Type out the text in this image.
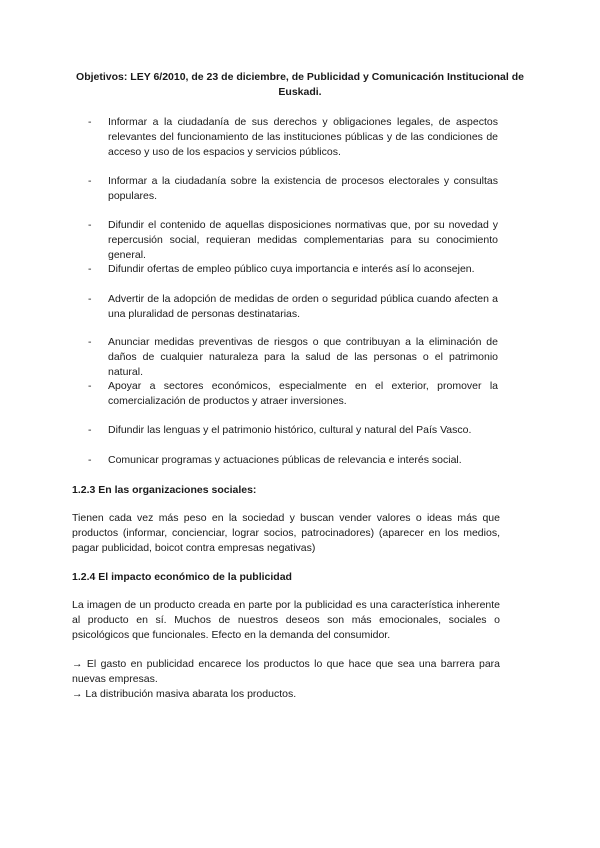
Objetivos: LEY 6/2010, de 23 de diciembre, de Publicidad y Comunicación Institucional de Euskadi.
- Informar a la ciudadanía de sus derechos y obligaciones legales, de aspectos relevantes del funcionamiento de las instituciones públicas y de las condiciones de acceso y uso de los espacios y servicios públicos.
- Informar a la ciudadanía sobre la existencia de procesos electorales y consultas populares.
- Difundir el contenido de aquellas disposiciones normativas que, por su novedad y repercusión social, requieran medidas complementarias para su conocimiento general.
- Difundir ofertas de empleo público cuya importancia e interés así lo aconsejen.
- Advertir de la adopción de medidas de orden o seguridad pública cuando afecten a una pluralidad de personas destinatarias.
- Anunciar medidas preventivas de riesgos o que contribuyan a la eliminación de daños de cualquier naturaleza para la salud de las personas o el patrimonio natural.
- Apoyar a sectores económicos, especialmente en el exterior, promover la comercialización de productos y atraer inversiones.
- Difundir las lenguas y el patrimonio histórico, cultural y natural del País Vasco.
- Comunicar programas y actuaciones públicas de relevancia e interés social.
1.2.3 En las organizaciones sociales:
Tienen cada vez más peso en la sociedad y buscan vender valores o ideas más que productos (informar, concienciar, lograr socios, patrocinadores) (aparecer en los medios, pagar publicidad, boicot contra empresas negativas)
1.2.4 El impacto económico de la publicidad
La imagen de un producto creada en parte por la publicidad es una característica inherente al producto en sí. Muchos de nuestros deseos son más emocionales, sociales o psicológicos que funcionales. Efecto en la demanda del consumidor.
→ El gasto en publicidad encarece los productos lo que hace que sea una barrera para nuevas empresas.
→ La distribución masiva abarata los productos.
